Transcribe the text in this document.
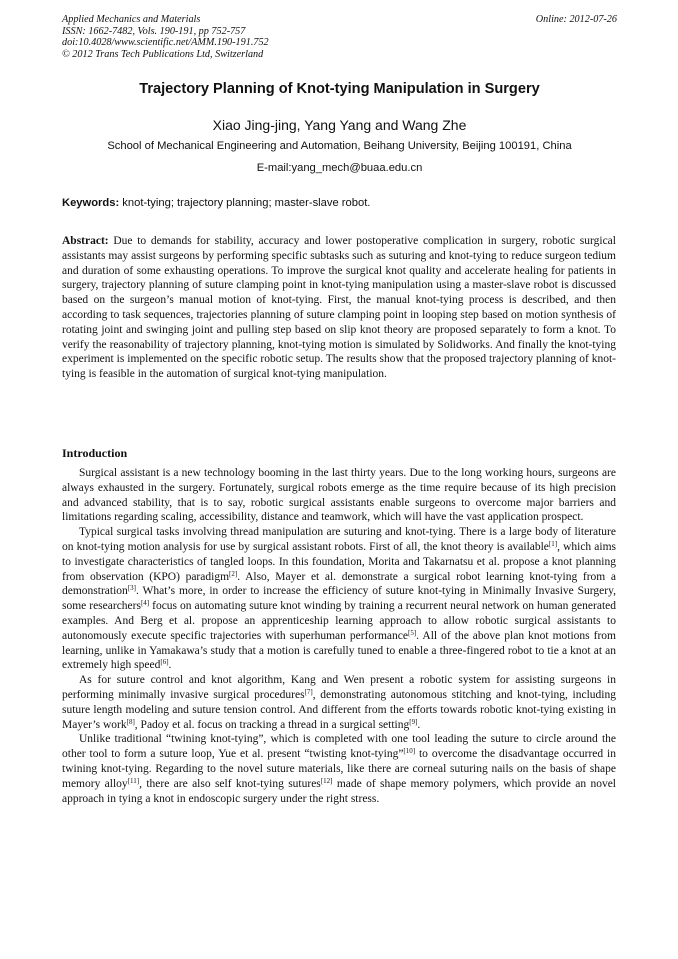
Applied Mechanics and Materials	Online: 2012-07-26
ISSN: 1662-7482, Vols. 190-191, pp 752-757
doi:10.4028/www.scientific.net/AMM.190-191.752
© 2012 Trans Tech Publications Ltd, Switzerland
Trajectory Planning of Knot-tying Manipulation in Surgery
Xiao Jing-jing, Yang Yang and Wang Zhe
School of Mechanical Engineering and Automation, Beihang University, Beijing 100191, China
E-mail:yang_mech@buaa.edu.cn
Keywords: knot-tying; trajectory planning; master-slave robot.
Abstract: Due to demands for stability, accuracy and lower postoperative complication in surgery, robotic surgical assistants may assist surgeons by performing specific subtasks such as suturing and knot-tying to reduce surgeon tedium and duration of some exhausting operations. To improve the surgical knot quality and accelerate healing for patients in surgery, trajectory planning of suture clamping point in knot-tying manipulation using a master-slave robot is discussed based on the surgeon’s manual motion of knot-tying. First, the manual knot-tying process is described, and then according to task sequences, trajectories planning of suture clamping point in looping step based on motion synthesis of rotating joint and swinging joint and pulling step based on slip knot theory are proposed separately to form a knot. To verify the reasonability of trajectory planning, knot-tying motion is simulated by Solidworks. And finally the knot-tying experiment is implemented on the specific robotic setup. The results show that the proposed trajectory planning of knot-tying is feasible in the automation of surgical knot-tying manipulation.
Introduction

Surgical assistant is a new technology booming in the last thirty years. Due to the long working hours, surgeons are always exhausted in the surgery. Fortunately, surgical robots emerge as the time require because of its high precision and advanced stability, that is to say, robotic surgical assistants enable surgeons to overcome major barriers and limitations regarding scaling, accessibility, distance and teamwork, which will have the vast application prospect.

Typical surgical tasks involving thread manipulation are suturing and knot-tying. There is a large body of literature on knot-tying motion analysis for use by surgical assistant robots. First of all, the knot theory is available[1], which aims to investigate characteristics of tangled loops. In this foundation, Morita and Takarnatsu et al. propose a knot planning from observation (KPO) paradigm[2]. Also, Mayer et al. demonstrate a surgical robot learning knot-tying from a demonstration[3]. What’s more, in order to increase the efficiency of suture knot-tying in Minimally Invasive Surgery, some researchers[4] focus on automating suture knot winding by training a recurrent neural network on human generated examples. And Berg et al. propose an apprenticeship learning approach to allow robotic surgical assistants to autonomously execute specific trajectories with superhuman performance[5]. All of the above plan knot motions from learning, unlike in Yamakawa’s study that a motion is carefully tuned to enable a three-fingered robot to tie a knot at an extremely high speed[6].

As for suture control and knot algorithm, Kang and Wen present a robotic system for assisting surgeons in performing minimally invasive surgical procedures[7], demonstrating autonomous stitching and knot-tying, including suture length modeling and suture tension control. And different from the efforts towards robotic knot-tying existing in Mayer’s work[8], Padoy et al. focus on tracking a thread in a surgical setting[9].

Unlike traditional “twining knot-tying”, which is completed with one tool leading the suture to circle around the other tool to form a suture loop, Yue et al. present “twisting knot-tying”[10] to overcome the disadvantage occurred in twining knot-tying. Regarding to the novel suture materials, like there are corneal suturing nails on the basis of shape memory alloy[11], there are also self knot-tying sutures[12] made of shape memory polymers, which provide an novel approach in tying a knot in endoscopic surgery under the right stress.
